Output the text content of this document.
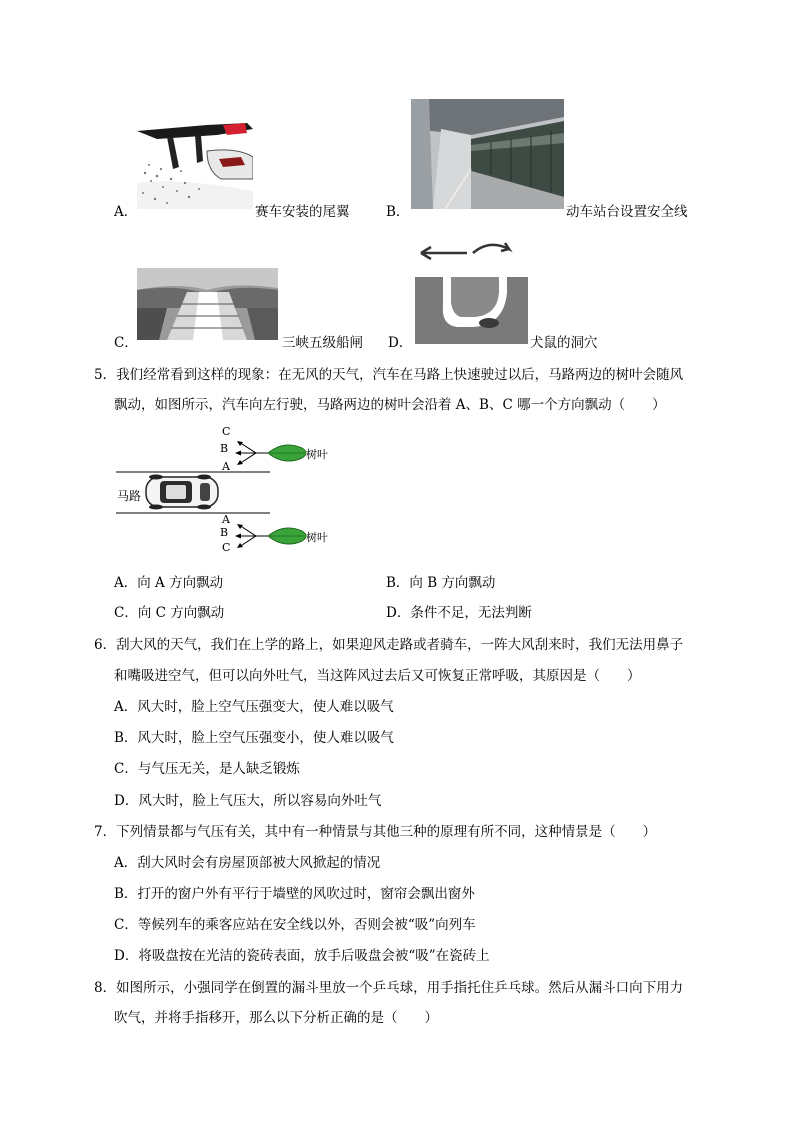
A．	赛车安装的尾翼	B．	动车站台设置安全线
C．	三峡五级船闸 D．	犬鼠的洞穴
5．我们经常看到这样的现象：在无风的天气，汽车在马路上快速驶过以后，马路两边的树叶会随风
飘动，如图所示，汽车向左行驶，马路两边的树叶会沿着 A、B、C 哪一个方向飘动（　　）
C
B
A
树叶
马路
A
B
C
树叶
A．向 A 方向飘动	B．向 B 方向飘动
C．向 C 方向飘动	D．条件不足，无法判断
6．刮大风的天气，我们在上学的路上，如果迎风走路或者骑车，一阵大风刮来时，我们无法用鼻子
和嘴吸进空气，但可以向外吐气，当这阵风过去后又可恢复正常呼吸，其原因是（　　）
A．风大时，脸上空气压强变大，使人难以吸气
B．风大时，脸上空气压强变小，使人难以吸气
C．与气压无关，是人缺乏锻炼
D．风大时，脸上气压大，所以容易向外吐气
7．下列情景都与气压有关，其中有一种情景与其他三种的原理有所不同，这种情景是（　　）
A．刮大风时会有房屋顶部被大风掀起的情况
B．打开的窗户外有平行于墙壁的风吹过时，窗帘会飘出窗外
C．等候列车的乘客应站在安全线以外，否则会被“吸”向列车
D．将吸盘按在光洁的瓷砖表面，放手后吸盘会被“吸”在瓷砖上
8．如图所示，小强同学在倒置的漏斗里放一个乒乓球，用手指托住乒乓球。然后从漏斗口向下用力
吹气，并将手指移开，那么以下分析正确的是（　　）
